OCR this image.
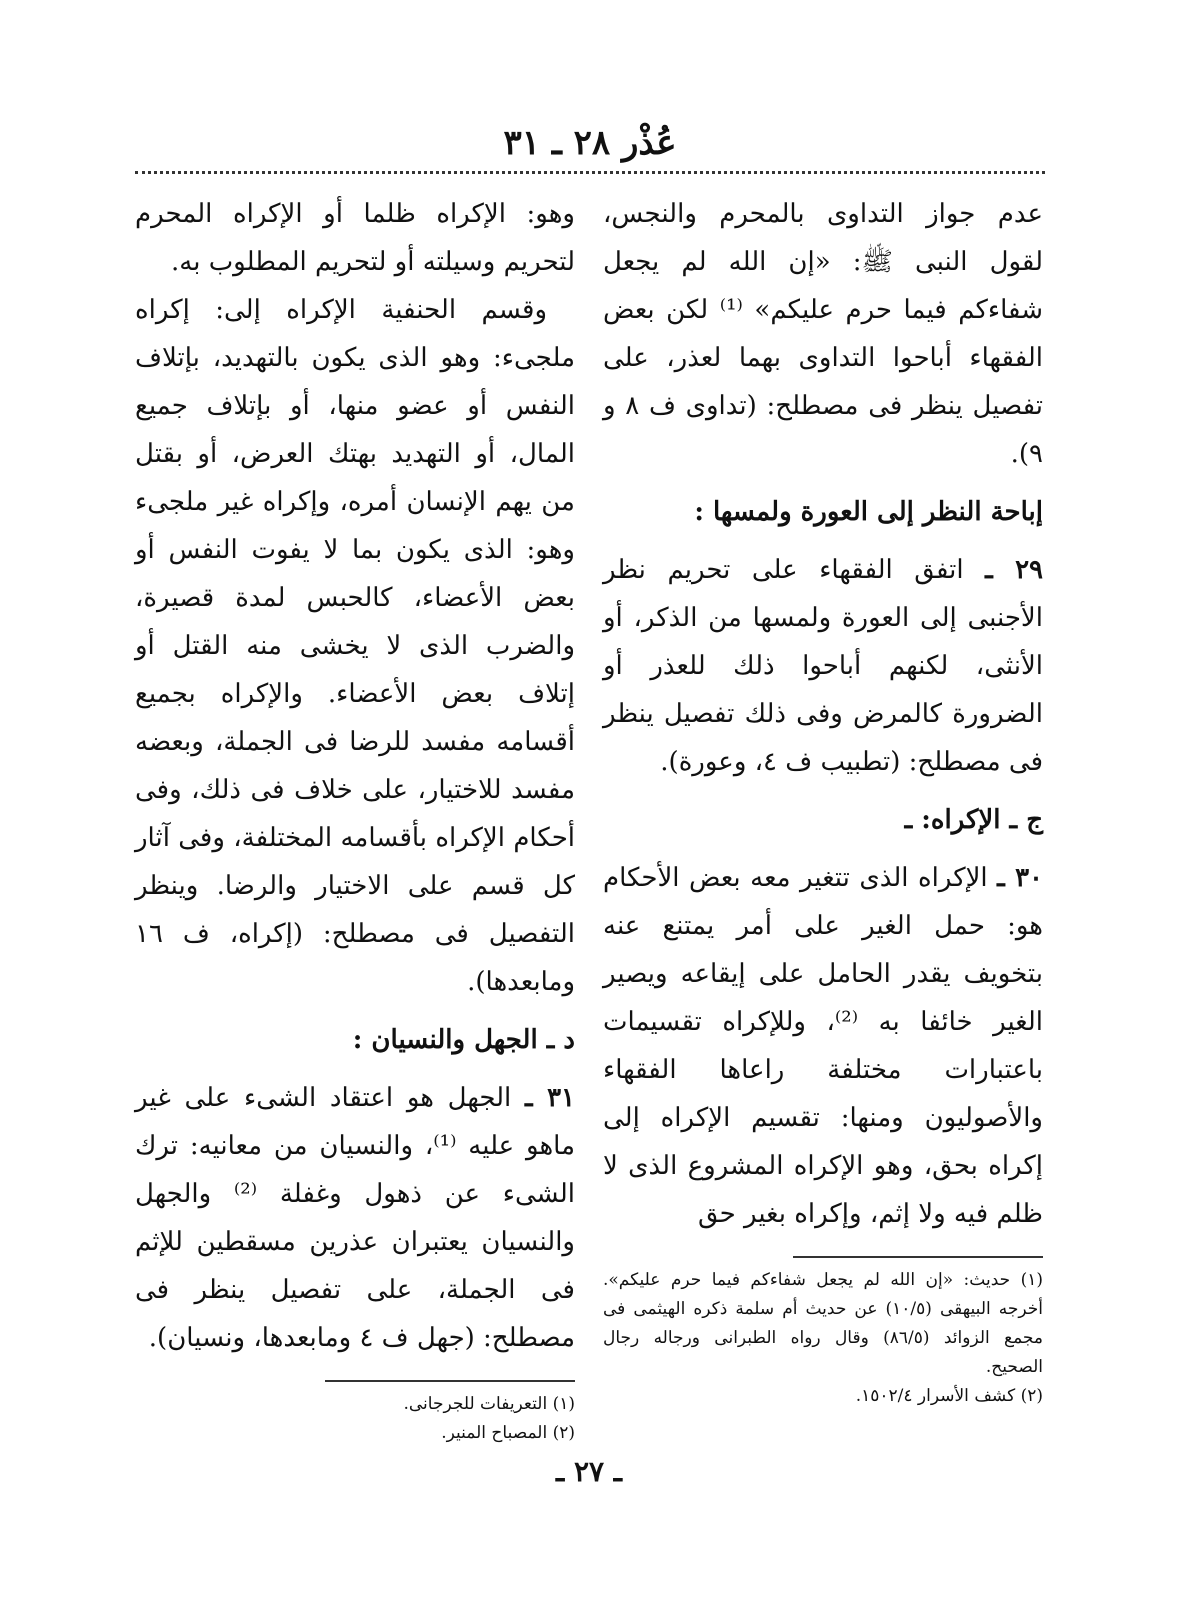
عُذْر ٢٨ ـ ٣١

عدم جواز التداوى بالمحرم والنجس، لقول النبى ﷺ: «إن الله لم يجعل شفاءكم فيما حرم عليكم» ⁽¹⁾ لكن بعض الفقهاء أباحوا التداوى بهما لعذر، على تفصيل ينظر فى مصطلح: (تداوى ف ٨ و ٩).

إباحة النظر إلى العورة ولمسها :

٢٩ ـ اتفق الفقهاء على تحريم نظر الأجنبى إلى العورة ولمسها من الذكر، أو الأنثى، لكنهم أباحوا ذلك للعذر أو الضرورة كالمرض وفى ذلك تفصيل ينظر فى مصطلح: (تطبيب ف ٤، وعورة).

ج ـ الإكراه: ـ

٣٠ ـ الإكراه الذى تتغير معه بعض الأحكام هو: حمل الغير على أمر يمتنع عنه بتخويف يقدر الحامل على إيقاعه ويصير الغير خائفا به ⁽²⁾، وللإكراه تقسيمات باعتبارات مختلفة راعاها الفقهاء والأصوليون ومنها: تقسيم الإكراه إلى إكراه بحق، وهو الإكراه المشروع الذى لا ظلم فيه ولا إثم، وإكراه بغير حق

(١) حديث: «إن الله لم يجعل شفاءكم فيما حرم عليكم». أخرجه البيهقى (١٠/٥) عن حديث أم سلمة ذكره الهيثمى فى مجمع الزوائد (٨٦/٥) وقال رواه الطبرانى ورجاله رجال الصحيح.

(٢) كشف الأسرار ١٥٠٢/٤.

وهو: الإكراه ظلما أو الإكراه المحرم لتحريم وسيلته أو لتحريم المطلوب به.

وقسم الحنفية الإكراه إلى: إكراه ملجىء: وهو الذى يكون بالتهديد، بإتلاف النفس أو عضو منها، أو بإتلاف جميع المال، أو التهديد بهتك العرض، أو بقتل من يهم الإنسان أمره، وإكراه غير ملجىء وهو: الذى يكون بما لا يفوت النفس أو بعض الأعضاء، كالحبس لمدة قصيرة، والضرب الذى لا يخشى منه القتل أو إتلاف بعض الأعضاء. والإكراه بجميع أقسامه مفسد للرضا فى الجملة، وبعضه مفسد للاختيار، على خلاف فى ذلك، وفى أحكام الإكراه بأقسامه المختلفة، وفى آثار كل قسم على الاختيار والرضا. وينظر التفصيل فى مصطلح: (إكراه، ف ١٦ ومابعدها).

د ـ الجهل والنسيان :

٣١ ـ الجهل هو اعتقاد الشىء على غير ماهو عليه ⁽¹⁾، والنسيان من معانيه: ترك الشىء عن ذهول وغفلة ⁽²⁾ والجهل والنسيان يعتبران عذرين مسقطين للإثم فى الجملة، على تفصيل ينظر فى مصطلح: (جهل ف ٤ ومابعدها، ونسيان).

(١) التعريفات للجرجانى.

(٢) المصباح المنير.

ـ ٢٧ ـ
